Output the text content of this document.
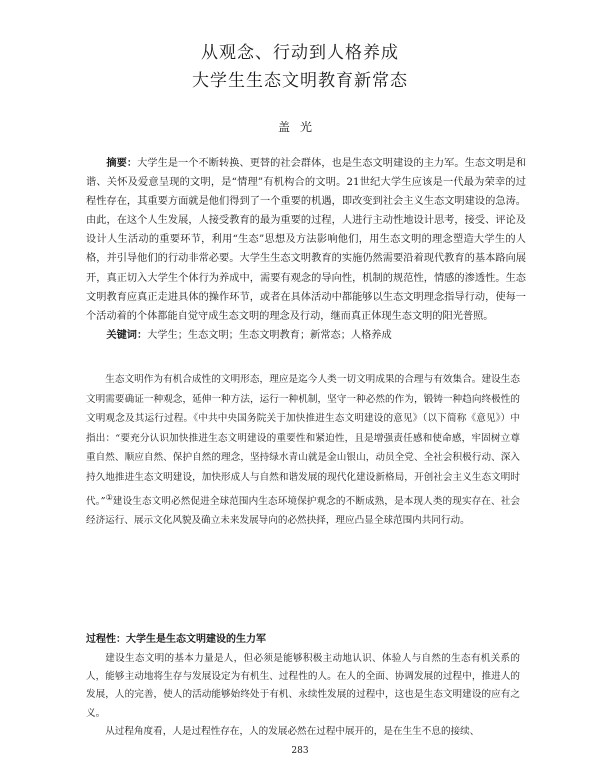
从观念、行动到人格养成
大学生生态文明教育新常态
盖光

摘要：大学生是一个不断转换、更替的社会群体，也是生态文明建设的主力军。生态文明是和谐、关怀及爱意呈现的文明，是“情理”有机构合的文明。21世纪大学生应该是一代最为荣幸的过程性存在，其重要方面就是他们得到了一个重要的机遇，即改变到社会主义生态文明建设的急涛。由此，在这个人生发展，人接受教育的最为重要的过程，人进行主动性地设计思考，接受、评论及设计人生活动的重要环节，利用“生态”思想及方法影响他们，用生态文明的理念塑造大学生的人格，并引导他们的行动非常必要。大学生生态文明教育的实施仍然需要沿着现代教育的基本路向展开，真正切入大学生个体行为养成中，需要有观念的导向性，机制的规范性，情感的渗透性。生态文明教育应真正走进具体的操作环节，或者在具体活动中都能够以生态文明理念指导行动，使每一个活动着的个体都能自觉守成生态文明的理念及行动，继而真正体现生态文明的阳光普照。

关键词：大学生；生态文明；生态文明教育；新常态；人格养成

生态文明作为有机合成性的文明形态，理应是迄今人类一切文明成果的合理与有效集合。建设生态文明需要确证一种观念，延伸一种方法，运行一种机制，坚守一种必然的作为，锻铸一种趋向终极性的文明观念及其运行过程。《中共中央国务院关于加快推进生态文明建设的意见》（以下简称《意见》）中指出：“要充分认识加快推进生态文明建设的重要性和紧迫性，且是增强责任感和使命感，牢固树立尊重自然、顺应自然、保护自然的理念，坚持绿水青山就是金山银山，动员全党、全社会积极行动、深入持久地推进生态文明建设，加快形成人与自然和谐发展的现代化建设新格局，开创社会主义生态文明时代。”①建设生态文明必然促进全球范围内生态环境保护观念的不断成熟，是本现人类的现实存在、社会经济运行、展示文化风貌及确立未来发展导向的必然抉择，理应凸显全球范围内共同行动。

过程性：大学生是生态文明建设的生力军

建设生态文明的基本力量是人，但必须是能够积极主动地认识、体验人与自然的生态有机关系的人，能够主动地将生存与发展设定为有机生、过程性的人。在人的全面、协调发展的过程中，推进人的发展，人的完善，使人的活动能够始终处于有机、永续性发展的过程中，这也是生态文明建设的应有之义。

从过程角度看，人是过程性存在，人的发展必然在过程中展开的，是在生生不息的接续、

283
